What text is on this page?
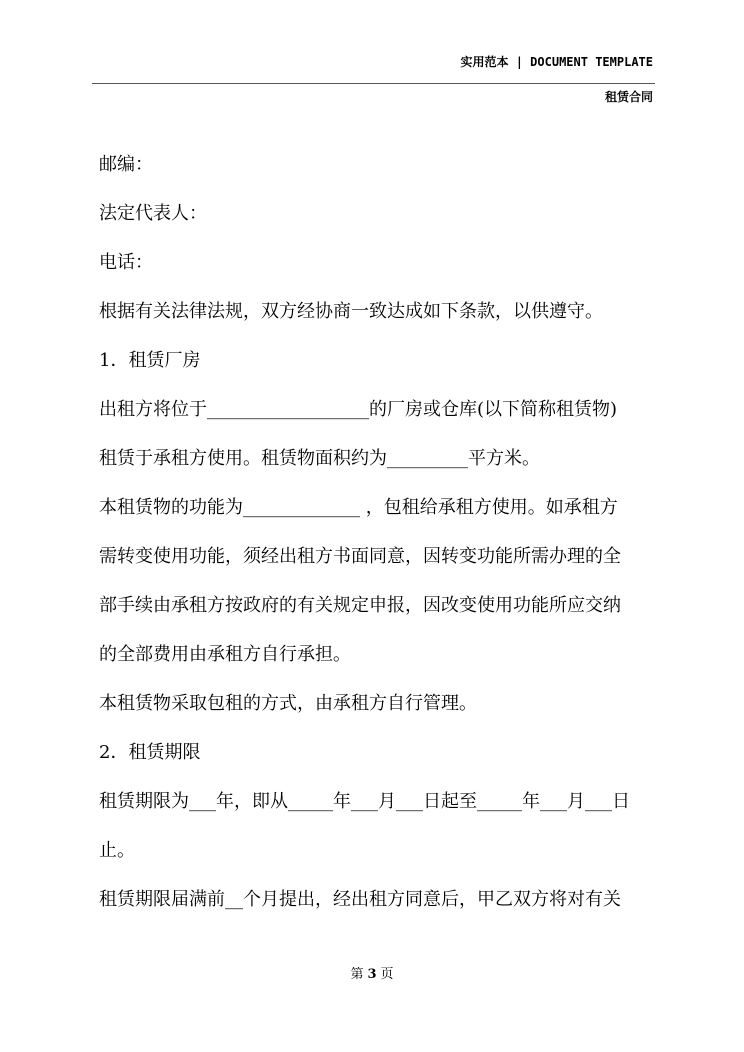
实用范本 | DOCUMENT TEMPLATE
租赁合同
邮编：
法定代表人：
电话：
根据有关法律法规，双方经协商一致达成如下条款，以供遵守。
1．租赁厂房
出租方将位于__________________的厂房或仓库(以下简称租赁物)
租赁于承租方使用。租赁物面积约为_________平方米。
本租赁物的功能为_____________ ，包租给承租方使用。如承租方
需转变使用功能，须经出租方书面同意，因转变功能所需办理的全
部手续由承租方按政府的有关规定申报，因改变使用功能所应交纳
的全部费用由承租方自行承担。
本租赁物采取包租的方式，由承租方自行管理。
2．租赁期限
租赁期限为___年，即从_____年___月___日起至_____年___月___日
止。
租赁期限届满前__个月提出，经出租方同意后，甲乙双方将对有关
第 3 页
